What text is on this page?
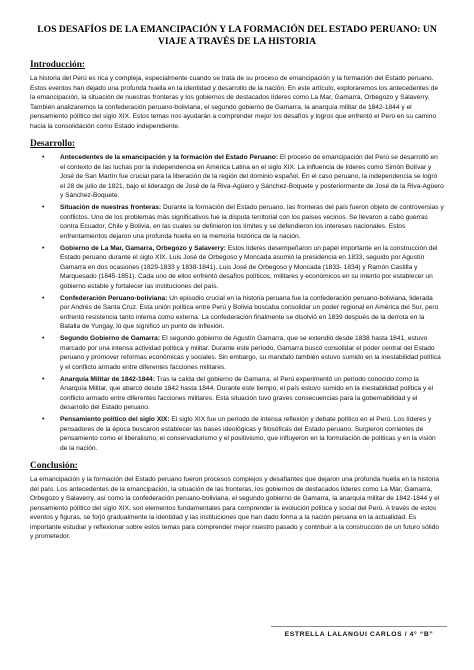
LOS DESAFÍOS DE LA EMANCIPACIÓN Y LA FORMACIÓN DEL ESTADO PERUANO: UN VIAJE A TRAVÉS DE LA HISTORIA
Introducción:

La historia del Perú es rica y compleja, especialmente cuando se trata de su proceso de emancipación y la formación del Estado peruano. Estos eventos han dejado una profunda huella en la identidad y desarrollo de la nación. En este artículo, exploraremos los antecedentes de la emancipación, la situación de nuestras fronteras y los gobiernos de destacados líderes como La Mar, Gamarra, Orbegozo y Salaverry. También analizaremos la confederación peruano-boliviana, el segundo gobierno de Gamarra, la anarquía militar de 1842-1844 y el pensamiento político del siglo XIX. Estos temas nos ayudarán a comprender mejor los desafíos y logros que enfrentó el Perú en su camino hacia la consolidación como Estado independiente.

Desarrollo:
• Antecedentes de la emancipación y la formación del Estado Peruano: El proceso de emancipación del Perú se desarrolló en el contexto de las luchas por la independencia en América Latina en el siglo XIX. La influencia de líderes como Simón Bolívar y José de San Martín fue crucial para la liberación de la región del dominio español. En el caso peruano, la independencia se logró el 28 de julio de 1821, bajo el liderazgo de José de la Riva-Agüero y Sánchez-Boquete y posteriormente de José de la Riva-Agüero y Sánchez-Boquete.
• Situación de nuestras fronteras: Durante la formación del Estado peruano, las fronteras del país fueron objeto de controversias y conflictos. Uno de los problemas más significativos fue la disputa territorial con los países vecinos. Se llevaron a cabo guerras contra Ecuador, Chile y Bolivia, en las cuales se definieron los límites y se defendieron los intereses nacionales. Estos enfrentamientos dejaron una profunda huella en la memoria histórica de la nación.
• Gobierno de La Mar, Gamarra, Orbegozo y Salaverry: Estos líderes desempeñaron un papel importante en la construcción del Estado peruano durante el siglo XIX. Luis José de Orbegoso y Moncada asumió la presidencia en 1833, seguido por Agustín Gamarra en dos ocasiones (1829-1833 y 1838-1841), Luis José de Orbegoso y Moncada (1833- 1834) y Ramón Castilla y Marquesado (1845-1851). Cada uno de ellos enfrentó desafíos políticos, militares y económicos en su intento por establecer un gobierno estable y fortalecer las instituciones del país.
• Confederación Peruano-boliviana: Un episodio crucial en la historia peruana fue la confederación peruano-boliviana, liderada por Andrés de Santa Cruz. Esta unión política entre Perú y Bolivia buscaba consolidar un poder regional en América del Sur, pero enfrentó resistencia tanto interna como externa. La confederación finalmente se disolvió en 1839 después de la derrota en la Batalla de Yungay, lo que significó un punto de inflexión.
• Segundo Gobierno de Gamarra: El segundo gobierno de Agustín Gamarra, que se extendió desde 1838 hasta 1841, estuvo marcado por una intensa actividad política y militar. Durante este período, Gamarra buscó consolidar el poder central del Estado peruano y promover reformas económicas y sociales. Sin embargo, su mandato también estuvo sumido en la inestabilidad política y el conflicto armado entre diferentes facciones militares.
• Anarquía Militar de 1842-1844: Tras la caída del gobierno de Gamarra, el Perú experimentó un período conocido como la Anarquía Militar, que abarcó desde 1842 hasta 1844. Durante este tiempo, el país estuvo sumido en la inestabilidad política y el conflicto armado entre diferentes facciones militares. Esta situación tuvo graves consecuencias para la gobernabilidad y el desarrollo del Estado peruano.
• Pensamiento político del siglo XIX: El siglo XIX fue un período de intensa reflexión y debate político en el Perú. Los líderes y pensadores de la época buscaron establecer las bases ideológicas y filosóficas del Estado peruano. Surgieron corrientes de pensamiento como el liberalismo, el conservadurismo y el positivismo, que influyeron en la formulación de políticas y en la visión de la nación.
Conclusión:

La emancipación y la formación del Estado peruano fueron procesos complejos y desafiantes que dejaron una profunda huella en la historia del país. Los antecedentes de la emancipación, la situación de las fronteras, los gobiernos de destacados líderes como La Mar, Gamarra, Orbegozo y Salaverry, así como la confederación peruano-boliviana, el segundo gobierno de Gamarra, la anarquía militar de 1842-1844 y el pensamiento político del siglo XIX, son elementos fundamentales para comprender la evolución política y social del Perú. A través de estos eventos y figuras, se forjó gradualmente la identidad y las instituciones que han dado forma a la nación peruana en la actualidad. Es importante estudiar y reflexionar sobre estos temas para comprender mejor nuestro pasado y contribuir a la construcción de un futuro sólido y prometedor.

ESTRELLA LALANGUI CARLOS / 4° “B”
